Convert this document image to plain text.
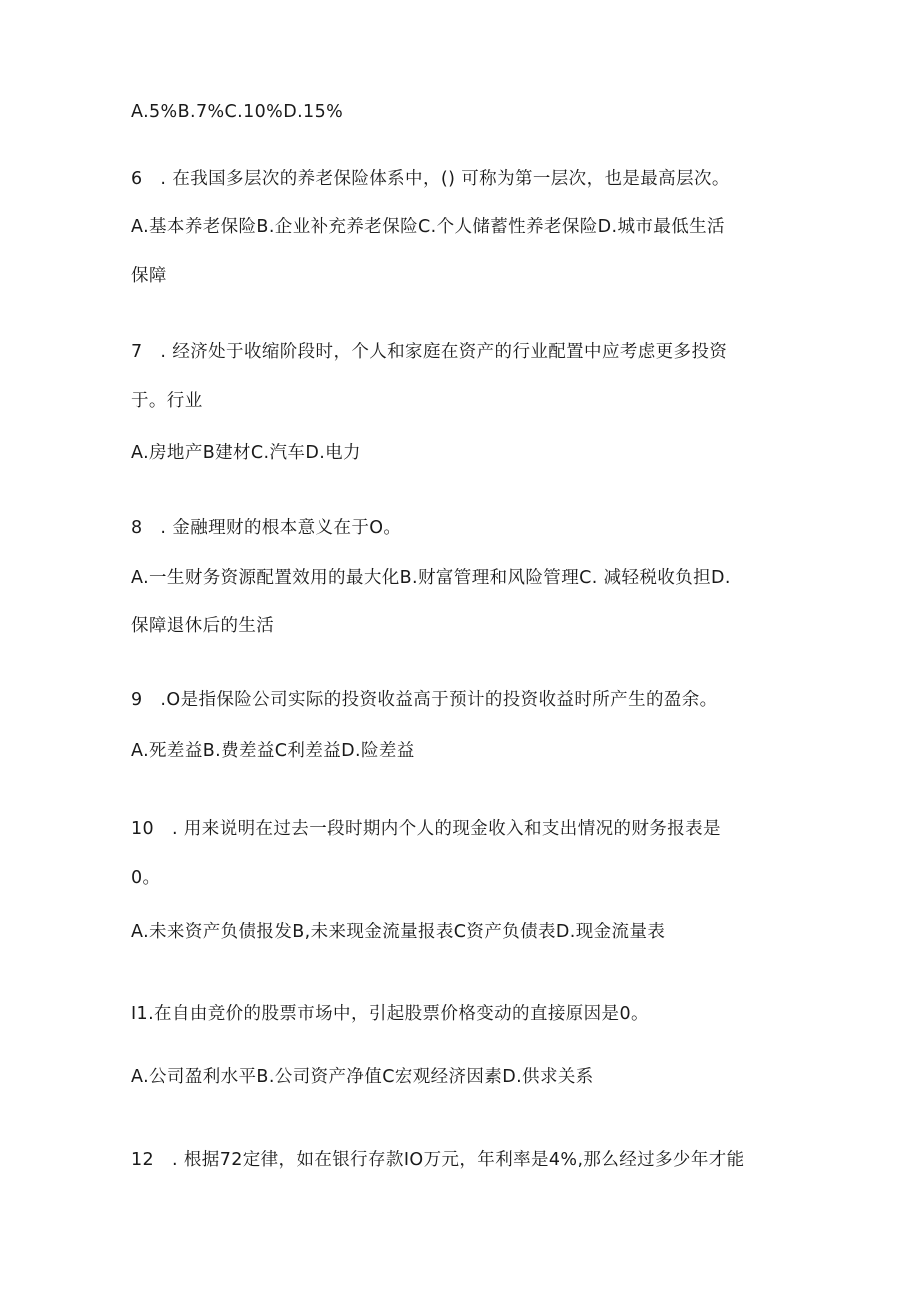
A.5%B.7%C.10%D.15%
6　. 在我国多层次的养老保险体系中，() 可称为第一层次，也是最高层次。
A.基本养老保险B.企业补充养老保险C.个人储蓄性养老保险D.城市最低生活
保障
7　. 经济处于收缩阶段时，个人和家庭在资产的行业配置中应考虑更多投资
于。行业
A.房地产B建材C.汽车D.电力
8　. 金融理财的根本意义在于O。
A.一生财务资源配置效用的最大化B.财富管理和风险管理C. 减轻税收负担D.
保障退休后的生活
9　.O是指保险公司实际的投资收益高于预计的投资收益时所产生的盈余。
A.死差益B.费差益C利差益D.险差益
10　. 用来说明在过去一段时期内个人的现金收入和支出情况的财务报表是
0。
A.未来资产负债报发B,未来现金流量报表C资产负债表D.现金流量表
I1.在自由竞价的股票市场中，引起股票价格变动的直接原因是0。
A.公司盈利水平B.公司资产净值C宏观经济因素D.供求关系
12　. 根据72定律，如在银行存款IO万元，年利率是4%,那么经过多少年才能
